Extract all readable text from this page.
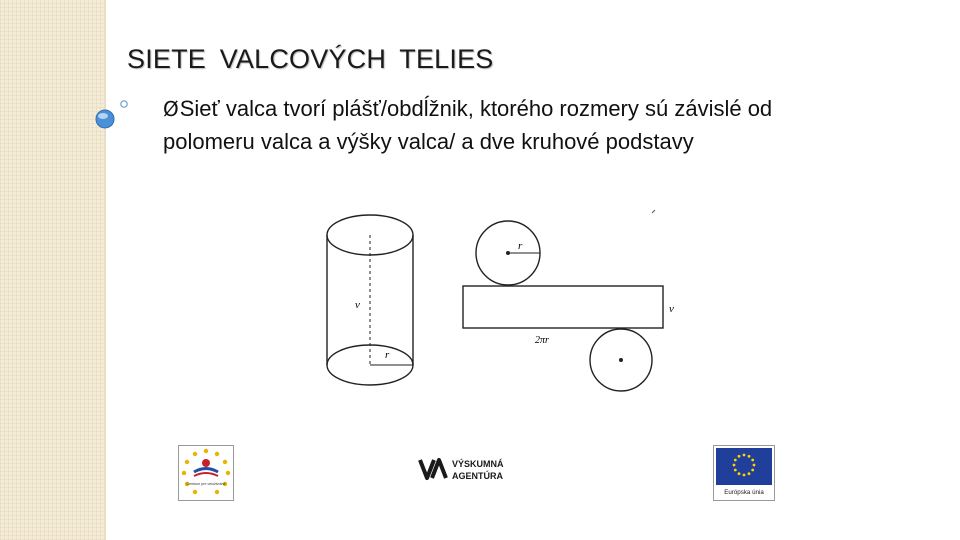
SIETE VALCOVÝCH TELIES
ØSieť valca tvorí plášť/obdĺžnik, ktorého rozmery sú závislé od polomeru valca a výšky valca/ a dve kruhové podstavy
v
r
r
v
2πr
Centrum pre celoživotné
VÝSKUMNÁ
AGENTÚRA
Európska únia
